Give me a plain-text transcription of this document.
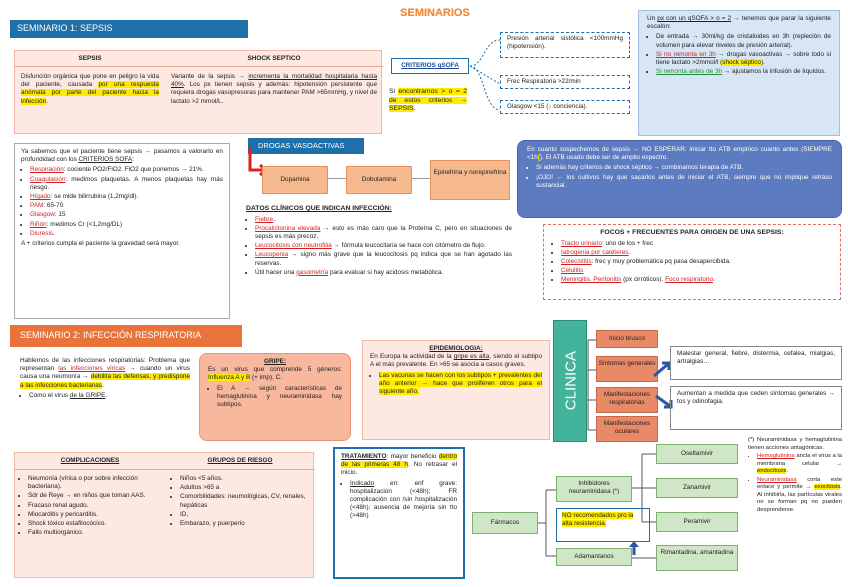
SEMINARIOS
SEMINARIO 1: SEPSIS
SEPSIS	SHOCK SEPTICO
Disfunción orgánica que pone en peligro la vida del paciente, causada por una respuesta anómala por parte del paciente hacia la infección.
Variante de la sepsis → incrementa la mortalidad hospitalaria hasta 40%. Los px tienen sepsis y además: hipotensión persistente que requiera drogas vasopresoras para mantener PAM >65mmHg, y nivel de lactato >2 mmol/L.
CRITERIOS qSOFA
Presión arterial sistólica <100mmHg (hipotensión).
Frec Respiratoria >22/min
Glasgow <15 (↓ conciencia).
Si encontramos > o = 2 de estos criterios → SEPSIS.
Un px con un qSOFA > o = 2 → tenemos que parar la siguiente escalón:
• De entrada → 30ml/kg de cristaloides en 3h (repleción de volumen para elevar niveles de presión arterial).
• Si no remonta en 3h → drogas vasoactivas → sobre todo si tiene lactato >2mmol/l (shock séptico).
• Si remonta antes de 3h → ajustamos la infusión de líquidos.
Ya sabemos que el paciente tiene sepsis → pasamos a valorarlo en profundidad con los CRITERIOS SOFA:
• Respiración: cociente PO2/FiO2. FiO2 que ponemos → 21%.
• Coagulación: medimos plaquetas. A menos plaquetas hay más riesgo.
• Hígado: se mide bilirrubina (1,2mg/dl).
• PAM: 65-70
• Glasgow: 15
• Riñón: medimos Cr (<1,2mg/DL)
• Diuresis.
A + criterios cumpla el paciente la gravedad será mayor.
DROGAS VASOACTIVAS
Dopamina	Dobutamina
Epinefrina y norepinefrina
DATOS CLÍNICOS QUE INDICAN INFECCIÓN:
• Fiebre.
• Procalcitonina elevada → esto es más caro que la Proteína C, pero en situaciones de sepsis es más precoz.
• Leucocitosis con neutrofilia → fórmula leucocitaria se hace con citómetro de flujo.
• Leucopenia → signo más grave que la leucocitosis pq indica que se han agotado las reservas.
• Útil hacer una gasometría para evaluar si hay acidosis metabólica.
En cuanto sospechemos de sepsis → NO ESPERAR: iniciar tto ATB empírico cuanto antes (SIEMPRE <1h)). El ATB usado debe ser de amplio espectro.
• Si además hay criterios de shock séptico → combinamos terapia de ATB.
• ¡OJO! ← los cultivos hay que sacarlos antes de iniciar el ATB, siempre que no implique retraso sustancial.
FOCOS + FRECUENTES PARA ORIGEN DE UNA SEPSIS:
• Tracto urinario: uno de los + frec
• Iatrogenia por catéteres.
• Colecistitis: frec y muy problemática pq pasa desapercibida.
• Celulitis
• Meningitis. Peritonitis (px cirróticos). Foco respiratorio.
SEMINARIO 2: INFECCIÓN RESPIRATORIA
Hablemos de las infecciones respiratorias: Problema que representan las infecciones víricas → cuando un virus causa una neumonía → debilita las defensas, y predispone a las infecciones bacterianas.
• Como el virus de la GRIPE.
GRIPE:
Es un virus que comprende 5 géneros: Influenza A y B (+ imp), C.
• El A → según características de hemaglutinina y neuraminidasa hay subtipos.
EPIDEMIOLOGIA:
En Europa la actividad de la gripe es alta, siendo el subtipo A el más prevalente. En >65 se asocia a casos graves.
• Las vacunas se hacen con los subtipos + prevalentes del año anterior → hace que proliferen otros para el siguiente año.	CLINICA
Inicio brusco
Síntomas generales
Manifestaciones respiratorias
Manifestaciones oculares
Malestar general, fiebre, distermia, cefalea, mialgias, artralgias…
Aumentan a medida que ceden síntomas generales → tos y odinofagia.
COMPLICACIONES	GRUPOS DE RIESGO
• Neumonía (vírica o por sobre infección bacteriana).
• Sdr de Reye → en niños que toman AAS.
• Fracaso renal agudo.
• Miocarditis y pericarditis.
• Shock tóxico estafilocócico.
• Fallo multiorgánico.
• Niños <5 años.
• Adultos >65 a
• Comorbilidades: neumológicas, CV, renales, hepáticas
• ID,
• Embarazo, y puerperio
TRATAMIENTO: mayor beneficio dentro de las primeras 48 h. No retrasar el inicio.
• Indicado en: enf grave: hospitalización (<48h); FR complicación con /sin hospitalización (<48h); ausencia de mejoría sin tto (>48h)
Fármacos
Inhibidores neuraminidasa (*)
NO recomendados pro la alta resistencia.
Adamantanos
Oseltamivir
Zanamivir
Peramivir
Rimantadina, amantadina
(*) Neuraminidasa y hemaglutinina tienen acciones antagónicas.
• Hemaglutinina ancla el virus a la membrana celular → endocitosis.
• Neuraminidasa corta este enlace y permite → exocitosis. Al inhibirla, las partículas virales no se forman pq no pueden desprenderse.
